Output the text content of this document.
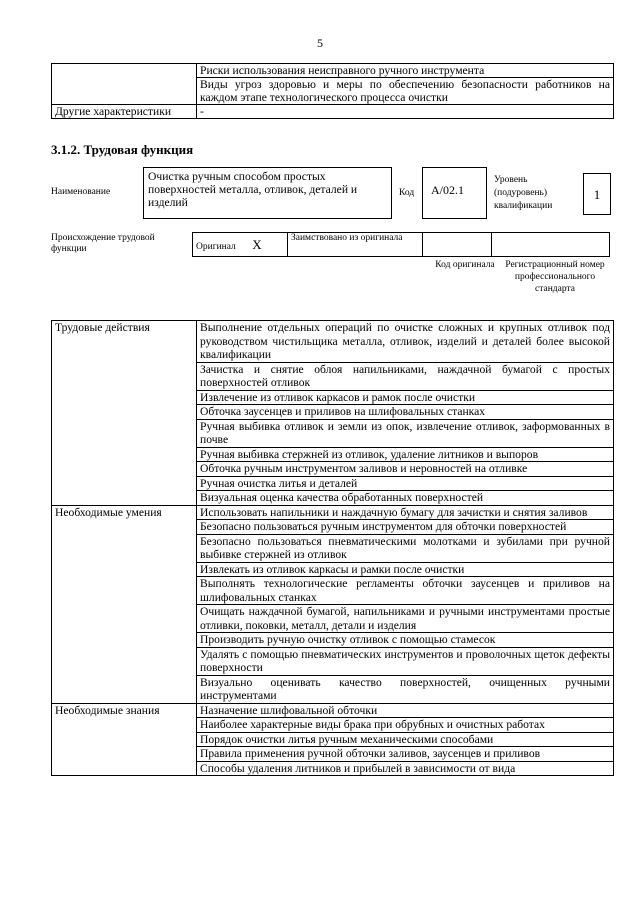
5
	Риски использования неисправного ручного инструмента
	Виды угроз здоровью и меры по обеспечению безопасности работников на каждом этапе технологического процесса очистки
Другие характеристики	-
3.1.2. Трудовая функция
Наименование
Очистка ручным способом простых поверхностей металла, отливок, деталей и изделий
Код	А/02.1
Уровень (подуровень) квалификации
1
Происхождение трудовой функции	Оригинал X	Заимствовано из оригинала		
Код оригинала	Регистрационный номер профессионального стандарта
Трудовые действия	Выполнение отдельных операций по очистке сложных и крупных отливок под руководством чистильщика металла, отливок, изделий и деталей более высокой квалификации
	Зачистка и снятие облоя напильниками, наждачной бумагой с простых поверхностей отливок
	Извлечение из отливок каркасов и рамок после очистки
	Обточка заусенцев и приливов на шлифовальных станках
	Ручная выбивка отливок и земли из опок, извлечение отливок, заформованных в почве
	Ручная выбивка стержней из отливок, удаление литников и выпоров
	Обточка ручным инструментом заливов и неровностей на отливке
	Ручная очистка литья и деталей
	Визуальная оценка качества обработанных поверхностей
Необходимые умения	Использовать напильники и наждачную бумагу для зачистки и снятия заливов
	Безопасно пользоваться ручным инструментом для обточки поверхностей
	Безопасно пользоваться пневматическими молотками и зубилами при ручной выбивке стержней из отливок
	Извлекать из отливок каркасы и рамки после очистки
	Выполнять технологические регламенты обточки заусенцев и приливов на шлифовальных станках
	Очищать наждачной бумагой, напильниками и ручными инструментами простые отливки, поковки, металл, детали и изделия
	Производить ручную очистку отливок с помощью стамесок
	Удалять с помощью пневматических инструментов и проволочных щеток дефекты поверхности
	Визуально оценивать качество поверхностей, очищенных ручными инструментами
Необходимые знания	Назначение шлифовальной обточки
	Наиболее характерные виды брака при обрубных и очистных работах
	Порядок очистки литья ручным механическими способами
	Правила применения ручной обточки заливов, заусенцев и приливов
	Способы удаления литников и прибылей в зависимости от вида
